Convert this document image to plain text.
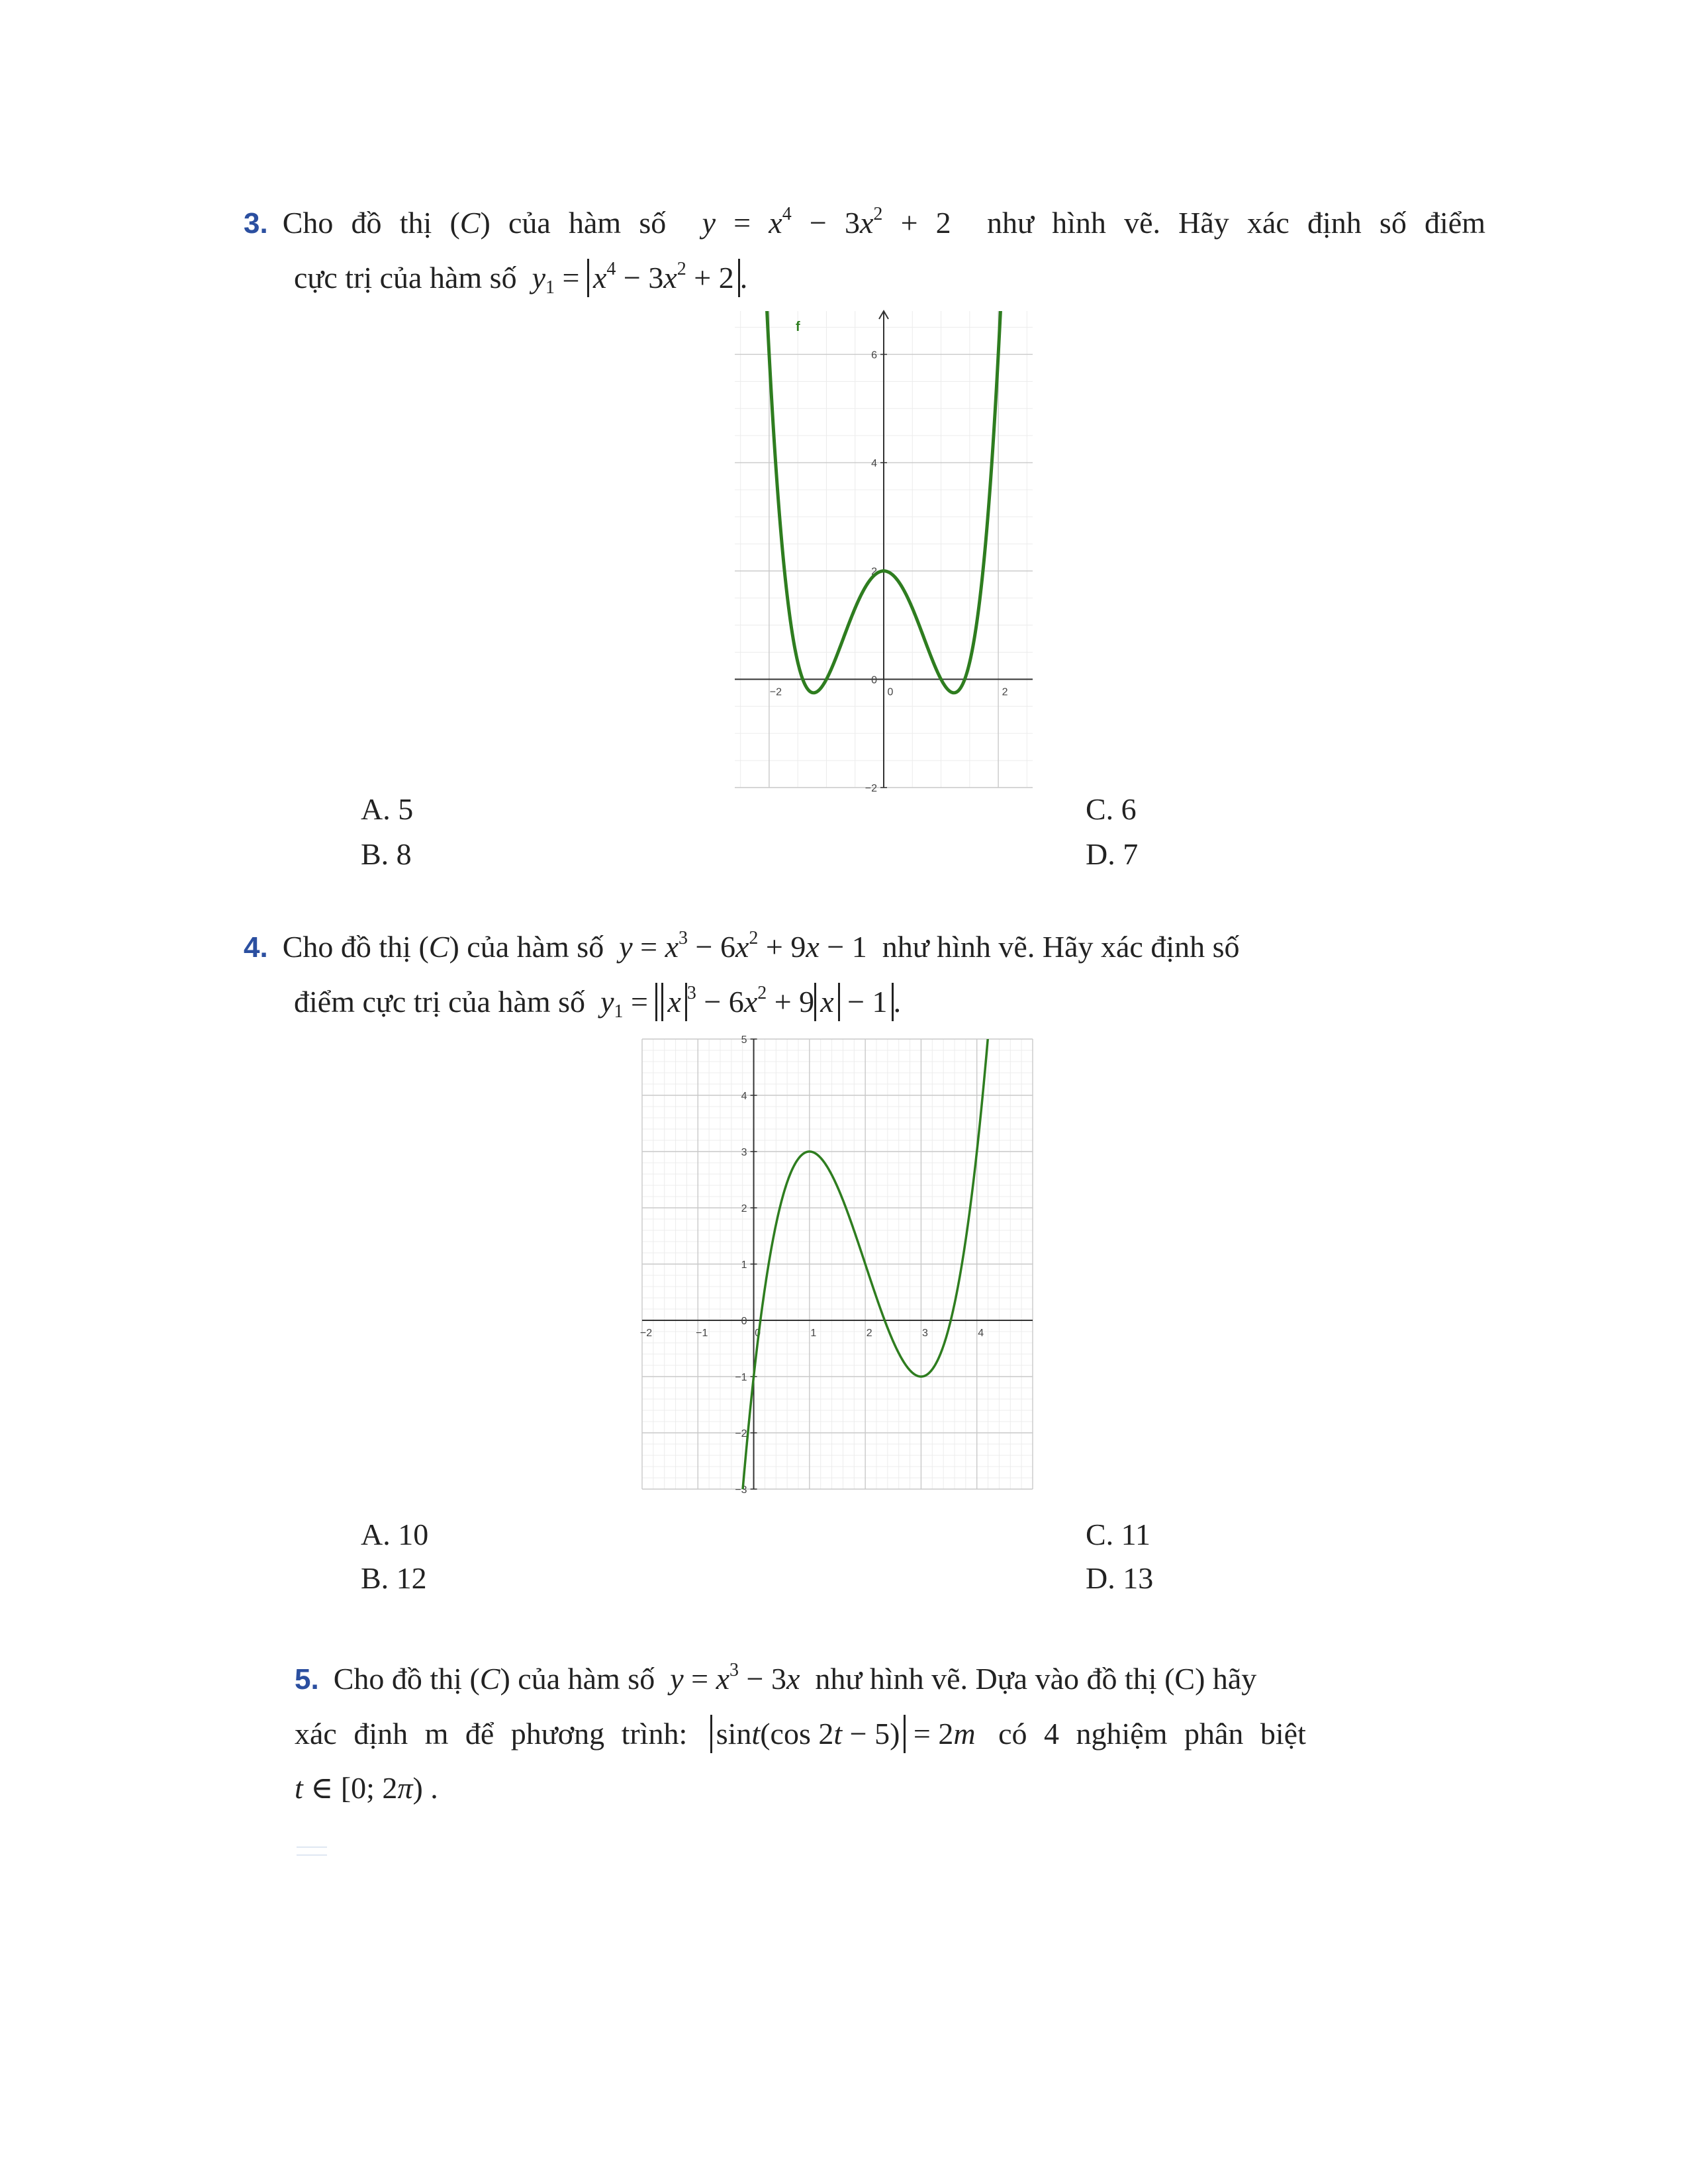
3. Cho đồ thị (C) của hàm số $y = x^4 - 3x^2 + 2$ như hình vẽ. Hãy xác định số điểm
cực trị của hàm số $y_1 = x^4 - 3x^2 + 2$ .
−2	0	2
6
4
2
0
−2
f
A. 5
B. 8
C. 6
D. 7
4. Cho đồ thị (C) của hàm số $y = x^3 - 6x^2 + 9x - 1$ như hình vẽ. Hãy xác định số
điểm cực trị của hàm số $y_1 = x$ $^3 - 6x^2 + 9$ x − 1 .
−2	−1	0	1	2	3	4
5
4
3
2
1
0
−1
−2
−3
A. 10
B. 12
C. 11
D. 13
5. Cho đồ thị (C) của hàm số $y = x^3 - 3x$ như hình vẽ. Dựa vào đồ thị (C) hãy
xác định m để phương trình: sint(cos 2t − 5) = 2m có 4 nghiệm phân biệt
t ∈ [0; 2π) .
